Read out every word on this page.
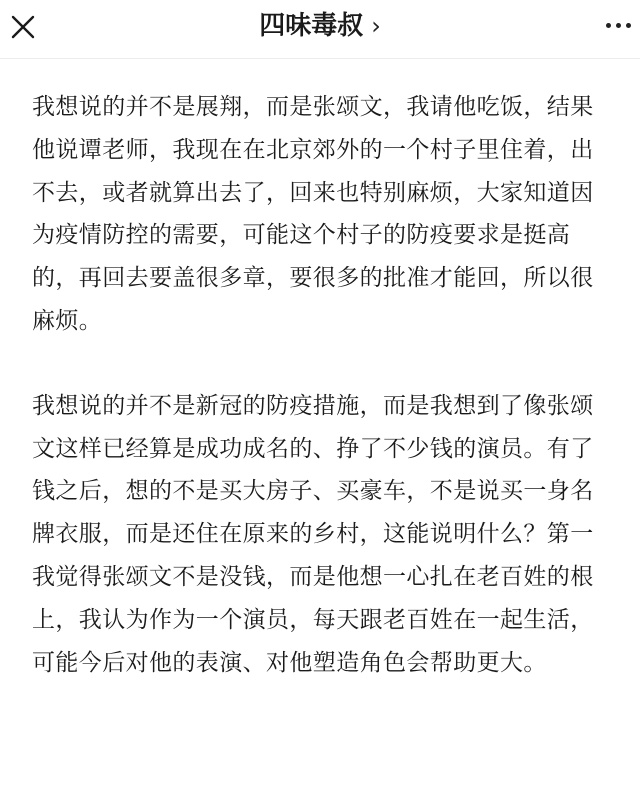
四味毒叔 ›

我想说的并不是展翔，而是张颂文，我请他吃饭，结果他说谭老师，我现在在北京郊外的一个村子里住着，出不去，或者就算出去了，回来也特别麻烦，大家知道因为疫情防控的需要，可能这个村子的防疫要求是挺高的，再回去要盖很多章，要很多的批准才能回，所以很麻烦。

我想说的并不是新冠的防疫措施，而是我想到了像张颂文这样已经算是成功成名的、挣了不少钱的演员。有了钱之后，想的不是买大房子、买豪车，不是说买一身名牌衣服，而是还住在原来的乡村，这能说明什么？第一我觉得张颂文不是没钱，而是他想一心扎在老百姓的根上，我认为作为一个演员，每天跟老百姓在一起生活，可能今后对他的表演、对他塑造角色会帮助更大。
